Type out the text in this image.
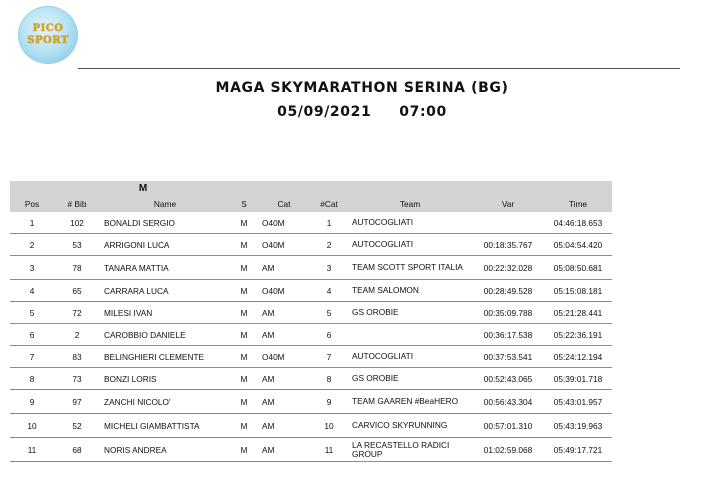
PICO
SPORT
MAGA SKYMARATHON SERINA (BG)
05/09/2021 07:00
M								
Pos	# Bib	Name	S	Cat	#Cat	Team	Var	Time
1	102	BONALDI SERGIO	M	O40M	1	AUTOCOGLIATI		04:46:18.653
2	53	ARRIGONI LUCA	M	O40M	2	AUTOCOGLIATI	00:18:35.767	05:04:54.420
3	78	TANARA MATTIA	M	AM	3	TEAM SCOTT SPORT ITALIA	00:22:32.028	05:08:50.681
4	65	CARRARA LUCA	M	O40M	4	TEAM SALOMON	00:28:49.528	05:15:08.181
5	72	MILESI IVAN	M	AM	5	GS OROBIE	00:35:09.788	05:21:28.441
6	2	CAROBBIO DANIELE	M	AM	6		00:36:17.538	05:22:36.191
7	83	BELINGHIERI CLEMENTE	M	O40M	7	AUTOCOGLIATI	00:37:53.541	05:24:12.194
8	73	BONZI LORIS	M	AM	8	GS OROBIE	00:52:43.065	05:39:01.718
9	97	ZANCHI NICOLO'	M	AM	9	TEAM GAAREN #BeaHERO	00:56:43.304	05:43:01.957
10	52	MICHELI GIAMBATTISTA	M	AM	10	CARVICO SKYRUNNING	00:57:01.310	05:43:19.963
11	68	NORIS ANDREA	M	AM	11	LA RECASTELLO RADICI GROUP	01:02:59.068	05:49:17.721
